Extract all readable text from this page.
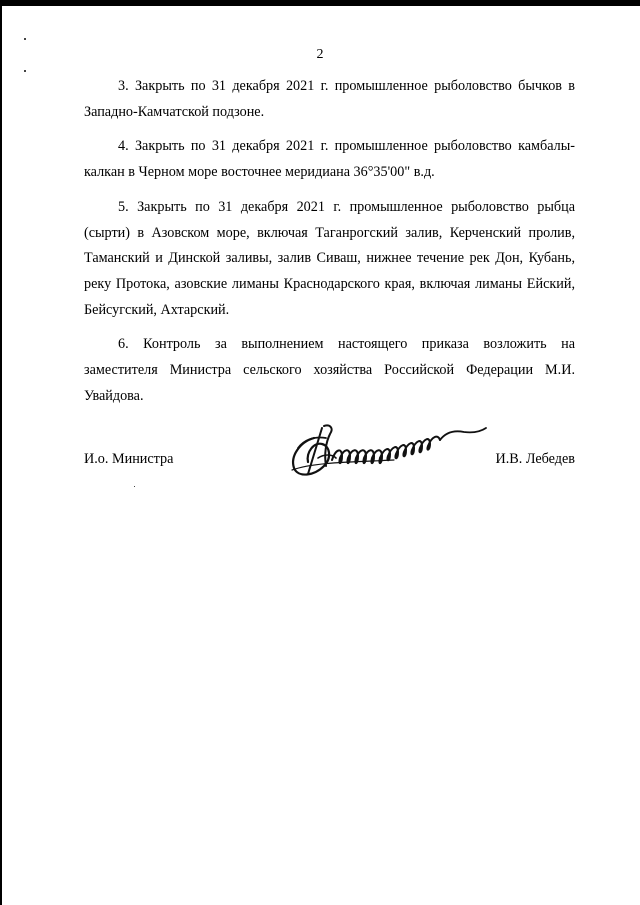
2

3. Закрыть по 31 декабря 2021 г. промышленное рыболовство бычков в Западно-Камчатской подзоне.

4. Закрыть по 31 декабря 2021 г. промышленное рыболовство камбалы-калкан в Черном море восточнее меридиана 36°35'00" в.д.

5. Закрыть по 31 декабря 2021 г. промышленное рыболовство рыбца (сырти) в Азовском море, включая Таганрогский залив, Керченский пролив, Таманский и Динской заливы, залив Сиваш, нижнее течение рек Дон, Кубань, реку Протока, азовские лиманы Краснодарского края, включая лиманы Ейский, Бейсугский, Ахтарский.

6. Контроль за выполнением настоящего приказа возложить на заместителя Министра сельского хозяйства Российской Федерации М.И. Увайдова.

И.о. Министра	И.В. Лебедев
